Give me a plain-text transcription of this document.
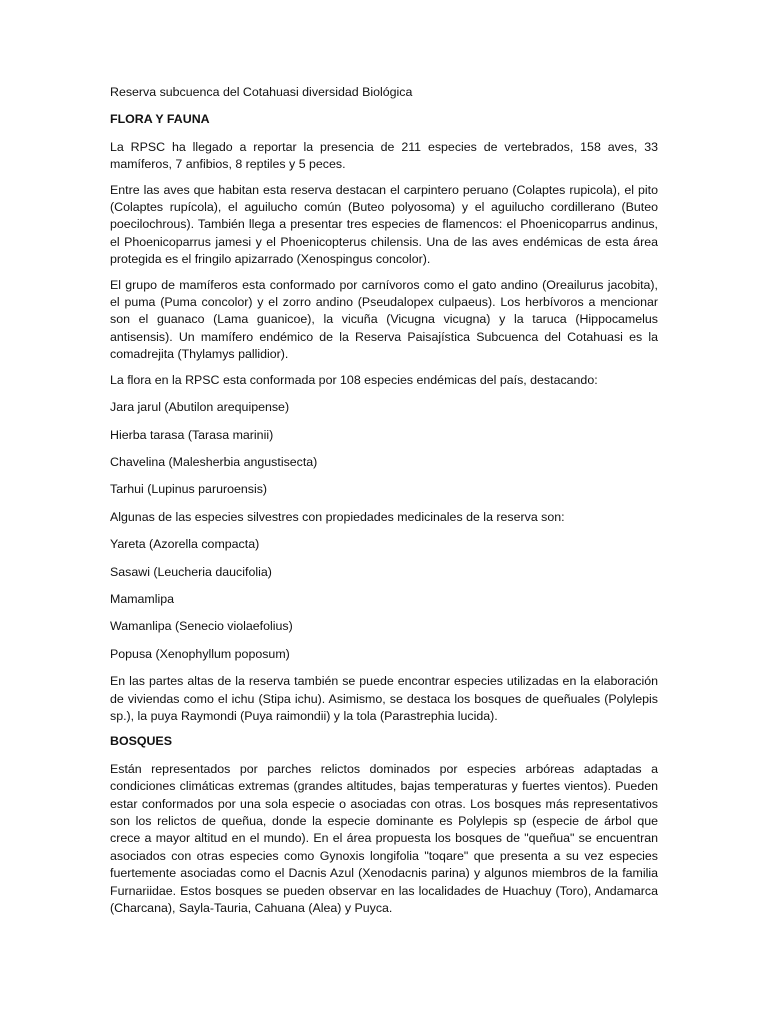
Reserva subcuenca del Cotahuasi diversidad Biológica

FLORA Y FAUNA

La RPSC ha llegado a reportar la presencia de 211 especies de vertebrados, 158 aves, 33 mamíferos, 7 anfibios, 8 reptiles y 5 peces.

Entre las aves que habitan esta reserva destacan el carpintero peruano (Colaptes rupicola), el pito (Colaptes rupícola), el aguilucho común (Buteo polyosoma) y el aguilucho cordillerano (Buteo poecilochrous). También llega a presentar tres especies de flamencos: el Phoenicoparrus andinus, el Phoenicoparrus jamesi y el Phoenicopterus chilensis. Una de las aves endémicas de esta área protegida es el fringilo apizarrado (Xenospingus concolor).

El grupo de mamíferos esta conformado por carnívoros como el gato andino (Oreailurus jacobita), el puma (Puma concolor) y el zorro andino (Pseudalopex culpaeus). Los herbívoros a mencionar son el guanaco (Lama guanicoe), la vicuña (Vicugna vicugna) y la taruca (Hippocamelus antisensis). Un mamífero endémico de la Reserva Paisajística Subcuenca del Cotahuasi es la comadrejita (Thylamys pallidior).

La flora en la RPSC esta conformada por 108 especies endémicas del país, destacando:

Jara jarul (Abutilon arequipense)

Hierba tarasa (Tarasa marinii)

Chavelina (Malesherbia angustisecta)

Tarhui (Lupinus paruroensis)

Algunas de las especies silvestres con propiedades medicinales de la reserva son:

Yareta (Azorella compacta)

Sasawi (Leucheria daucifolia)

Mamamlipa

Wamanlipa (Senecio violaefolius)

Popusa (Xenophyllum poposum)

En las partes altas de la reserva también se puede encontrar especies utilizadas en la elaboración de viviendas como el ichu (Stipa ichu). Asimismo, se destaca los bosques de queñuales (Polylepis sp.), la puya Raymondi (Puya raimondii) y la tola (Parastrephia lucida).

BOSQUES

Están representados por parches relictos dominados por especies arbóreas adaptadas a condiciones climáticas extremas (grandes altitudes, bajas temperaturas y fuertes vientos). Pueden estar conformados por una sola especie o asociadas con otras. Los bosques más representativos son los relictos de queñua, donde la especie dominante es Polylepis sp (especie de árbol que crece a mayor altitud en el mundo). En el área propuesta los bosques de "queñua" se encuentran asociados con otras especies como Gynoxis longifolia "toqare" que presenta a su vez especies fuertemente asociadas como el Dacnis Azul (Xenodacnis parina) y algunos miembros de la familia Furnariidae. Estos bosques se pueden observar en las localidades de Huachuy (Toro), Andamarca (Charcana), Sayla-Tauria, Cahuana (Alea) y Puyca.
